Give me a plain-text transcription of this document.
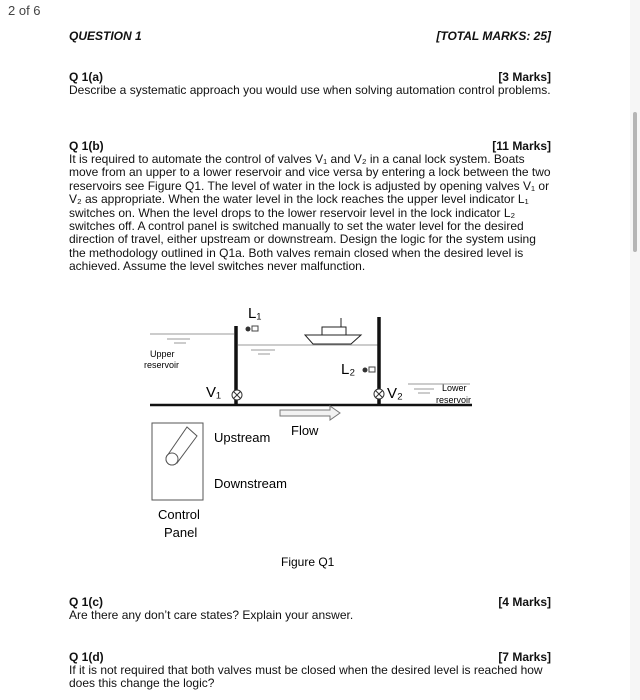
2 of 6
QUESTION 1	[TOTAL MARKS: 25]
Q 1(a)	[3 Marks]

Describe a systematic approach you would use when solving automation control problems.

Q 1(b)	[11 Marks]

It is required to automate the control of valves V₁ and V₂ in a canal lock system. Boats move from an upper to a lower reservoir and vice versa by entering a lock between the two reservoirs see Figure Q1. The level of water in the lock is adjusted by opening valves V₁ or V₂ as appropriate. When the water level in the lock reaches the upper level indicator L₁ switches on. When the level drops to the lower reservoir level in the lock indicator L₂ switches off. A control panel is switched manually to set the water level for the desired direction of travel, either upstream or downstream. Design the logic for the system using the methodology outlined in Q1a. Both valves remain closed when the desired level is achieved. Assume the level switches never malfunction.

Q 1(c)	[4 Marks]

Are there any don’t care states? Explain your answer.

Q 1(d)	[7 Marks]

If it is not required that both valves must be closed when the desired level is reached how does this change the logic?

Upper
reservoir
L₁
L₂
V₁	V₂	Lower
reservoir
Flow
Upstream
Downstream
Control
Panel
Figure Q1
